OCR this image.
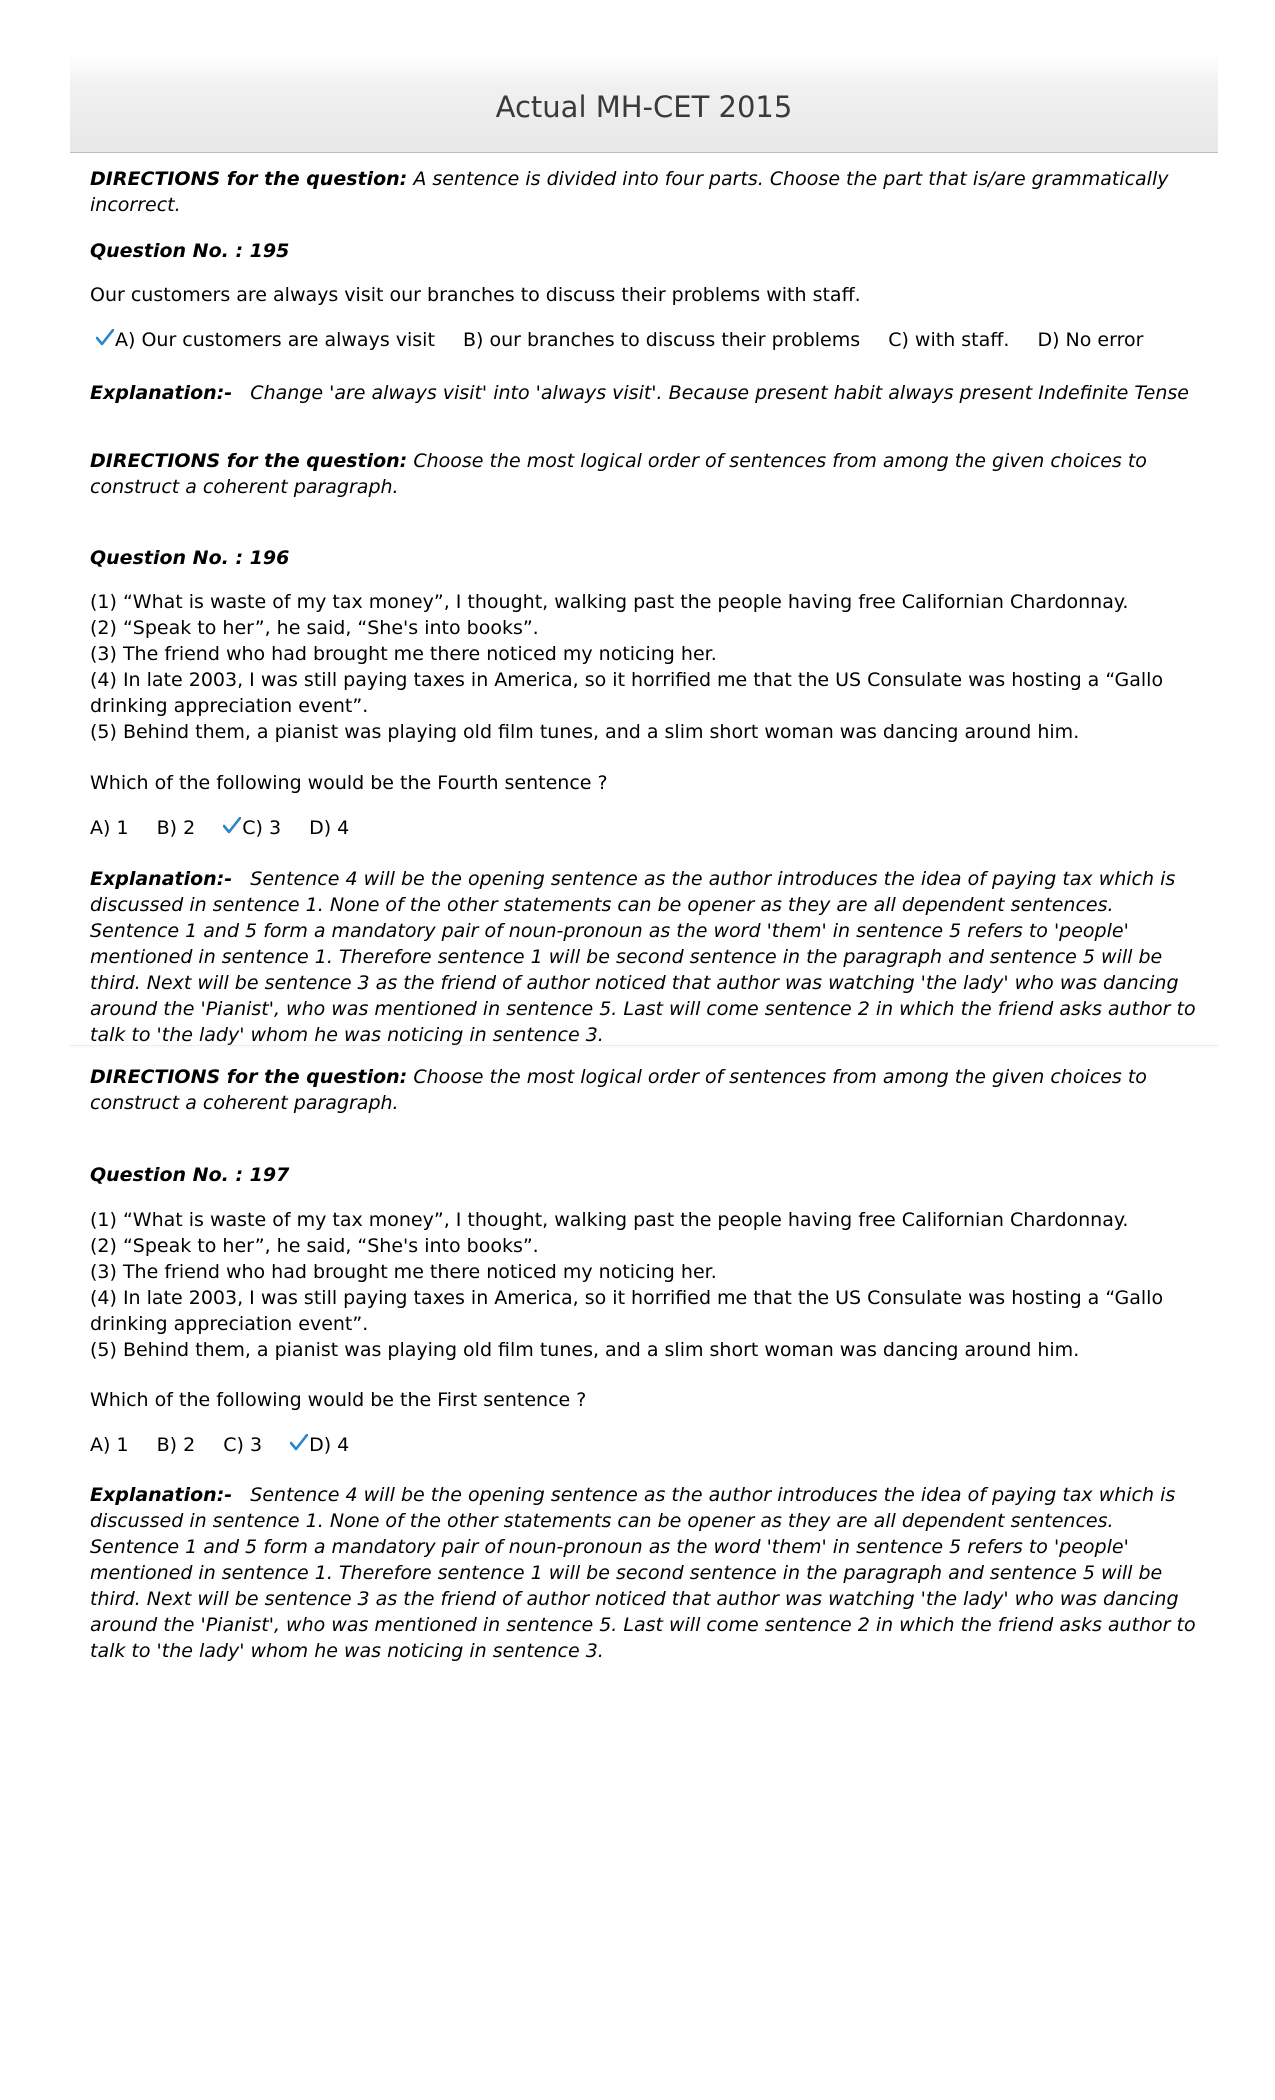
Actual MH-CET 2015

DIRECTIONS for the question: A sentence is divided into four parts. Choose the part that is/are grammatically incorrect.

Question No. : 195

Our customers are always visit our branches to discuss their problems with staff.

A) Our customers are always visit B) our branches to discuss their problems C) with staff. D) No error

Explanation:-   Change 'are always visit' into 'always visit'. Because present habit always present Indefinite Tense

DIRECTIONS for the question: Choose the most logical order of sentences from among the given choices to construct a coherent paragraph.

Question No. : 196

(1) “What is waste of my tax money”, I thought, walking past the people having free Californian Chardonnay.

(2) “Speak to her”, he said, “She's into books”.

(3) The friend who had brought me there noticed my noticing her.

(4) In late 2003, I was still paying taxes in America, so it horrified me that the US Consulate was hosting a “Gallo drinking appreciation event”.

(5) Behind them, a pianist was playing old film tunes, and a slim short woman was dancing around him.

Which of the following would be the Fourth sentence ?

A) 1 B) 2 C) 3 D) 4

Explanation:-   Sentence 4 will be the opening sentence as the author introduces the idea of paying tax which is discussed in sentence 1. None of the other statements can be opener as they are all dependent sentences. Sentence 1 and 5 form a mandatory pair of noun-pronoun as the word 'them' in sentence 5 refers to 'people' mentioned in sentence 1. Therefore sentence 1 will be second sentence in the paragraph and sentence 5 will be third. Next will be sentence 3 as the friend of author noticed that author was watching 'the lady' who was dancing around the 'Pianist', who was mentioned in sentence 5. Last will come sentence 2 in which the friend asks author to talk to 'the lady' whom he was noticing in sentence 3.

DIRECTIONS for the question: Choose the most logical order of sentences from among the given choices to construct a coherent paragraph.

Question No. : 197

(1) “What is waste of my tax money”, I thought, walking past the people having free Californian Chardonnay.

(2) “Speak to her”, he said, “She's into books”.

(3) The friend who had brought me there noticed my noticing her.

(4) In late 2003, I was still paying taxes in America, so it horrified me that the US Consulate was hosting a “Gallo drinking appreciation event”.

(5) Behind them, a pianist was playing old film tunes, and a slim short woman was dancing around him.

Which of the following would be the First sentence ?

A) 1 B) 2 C) 3 D) 4

Explanation:-   Sentence 4 will be the opening sentence as the author introduces the idea of paying tax which is discussed in sentence 1. None of the other statements can be opener as they are all dependent sentences. Sentence 1 and 5 form a mandatory pair of noun-pronoun as the word 'them' in sentence 5 refers to 'people' mentioned in sentence 1. Therefore sentence 1 will be second sentence in the paragraph and sentence 5 will be third. Next will be sentence 3 as the friend of author noticed that author was watching 'the lady' who was dancing around the 'Pianist', who was mentioned in sentence 5. Last will come sentence 2 in which the friend asks author to talk to 'the lady' whom he was noticing in sentence 3.
